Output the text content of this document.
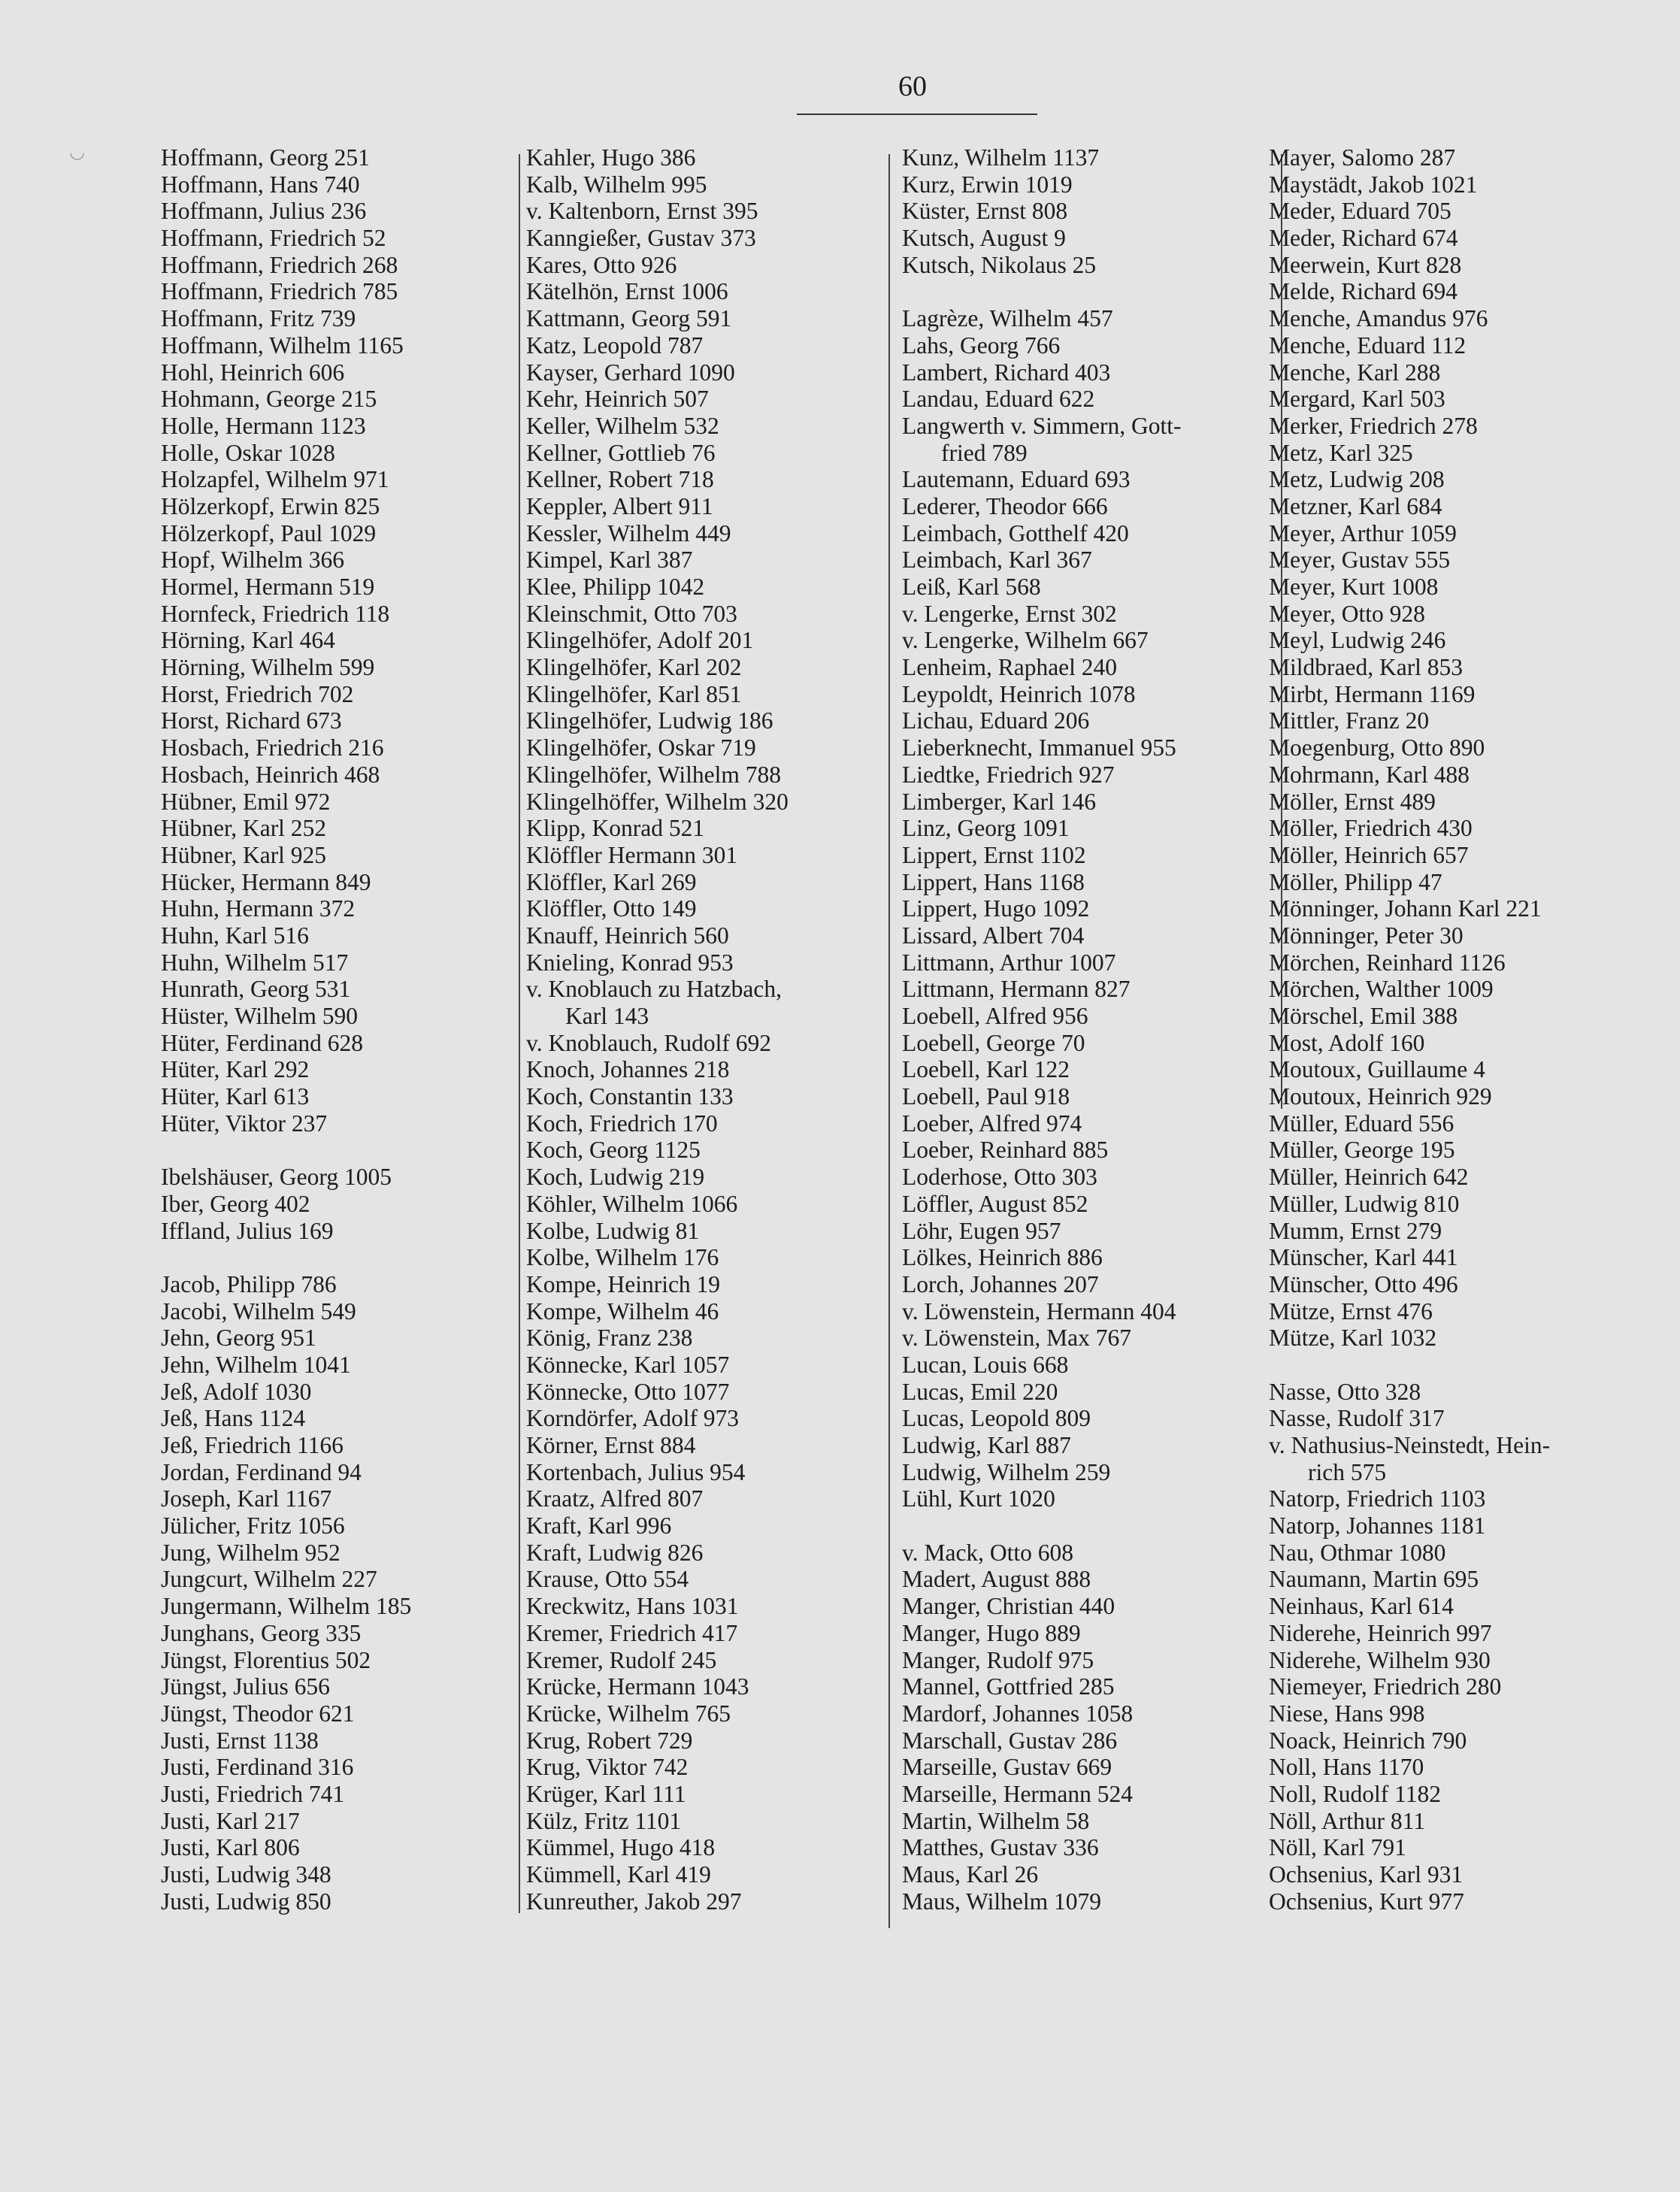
60
Hoffmann, Georg 251
Hoffmann, Hans 740
Hoffmann, Julius 236
Hoffmann, Friedrich 52
Hoffmann, Friedrich 268
Hoffmann, Friedrich 785
Hoffmann, Fritz 739
Hoffmann, Wilhelm 1165
Hohl, Heinrich 606
Hohmann, George 215
Holle, Hermann 1123
Holle, Oskar 1028
Holzapfel, Wilhelm 971
Hölzerkopf, Erwin 825
Hölzerkopf, Paul 1029
Hopf, Wilhelm 366
Hormel, Hermann 519
Hornfeck, Friedrich 118
Hörning, Karl 464
Hörning, Wilhelm 599
Horst, Friedrich 702
Horst, Richard 673
Hosbach, Friedrich 216
Hosbach, Heinrich 468
Hübner, Emil 972
Hübner, Karl 252
Hübner, Karl 925
Hücker, Hermann 849
Huhn, Hermann 372
Huhn, Karl 516
Huhn, Wilhelm 517
Hunrath, Georg 531
Hüster, Wilhelm 590
Hüter, Ferdinand 628
Hüter, Karl 292
Hüter, Karl 613
Hüter, Viktor 237
Ibelshäuser, Georg 1005
Iber, Georg 402
Iffland, Julius 169
Jacob, Philipp 786
Jacobi, Wilhelm 549
Jehn, Georg 951
Jehn, Wilhelm 1041
Jeß, Adolf 1030
Jeß, Hans 1124
Jeß, Friedrich 1166
Jordan, Ferdinand 94
Joseph, Karl 1167
Jülicher, Fritz 1056
Jung, Wilhelm 952
Jungcurt, Wilhelm 227
Jungermann, Wilhelm 185
Junghans, Georg 335
Jüngst, Florentius 502
Jüngst, Julius 656
Jüngst, Theodor 621
Justi, Ernst 1138
Justi, Ferdinand 316
Justi, Friedrich 741
Justi, Karl 217
Justi, Karl 806
Justi, Ludwig 348
Justi, Ludwig 850
Kahler, Hugo 386
Kalb, Wilhelm 995
v. Kaltenborn, Ernst 395
Kanngießer, Gustav 373
Kares, Otto 926
Kätelhön, Ernst 1006
Kattmann, Georg 591
Katz, Leopold 787
Kayser, Gerhard 1090
Kehr, Heinrich 507
Keller, Wilhelm 532
Kellner, Gottlieb 76
Kellner, Robert 718
Keppler, Albert 911
Kessler, Wilhelm 449
Kimpel, Karl 387
Klee, Philipp 1042
Kleinschmit, Otto 703
Klingelhöfer, Adolf 201
Klingelhöfer, Karl 202
Klingelhöfer, Karl 851
Klingelhöfer, Ludwig 186
Klingelhöfer, Oskar 719
Klingelhöfer, Wilhelm 788
Klingelhöffer, Wilhelm 320
Klipp, Konrad 521
Klöffler Hermann 301
Klöffler, Karl 269
Klöffler, Otto 149
Knauff, Heinrich 560
Knieling, Konrad 953
v. Knoblauch zu Hatzbach,
Karl 143
v. Knoblauch, Rudolf 692
Knoch, Johannes 218
Koch, Constantin 133
Koch, Friedrich 170
Koch, Georg 1125
Koch, Ludwig 219
Köhler, Wilhelm 1066
Kolbe, Ludwig 81
Kolbe, Wilhelm 176
Kompe, Heinrich 19
Kompe, Wilhelm 46
König, Franz 238
Könnecke, Karl 1057
Könnecke, Otto 1077
Korndörfer, Adolf 973
Körner, Ernst 884
Kortenbach, Julius 954
Kraatz, Alfred 807
Kraft, Karl 996
Kraft, Ludwig 826
Krause, Otto 554
Kreckwitz, Hans 1031
Kremer, Friedrich 417
Kremer, Rudolf 245
Krücke, Hermann 1043
Krücke, Wilhelm 765
Krug, Robert 729
Krug, Viktor 742
Krüger, Karl 111
Külz, Fritz 1101
Kümmel, Hugo 418
Kümmell, Karl 419
Kunreuther, Jakob 297
Kunz, Wilhelm 1137
Kurz, Erwin 1019
Küster, Ernst 808
Kutsch, August 9
Kutsch, Nikolaus 25
Lagrèze, Wilhelm 457
Lahs, Georg 766
Lambert, Richard 403
Landau, Eduard 622
Langwerth v. Simmern, Gott-
fried 789
Lautemann, Eduard 693
Lederer, Theodor 666
Leimbach, Gotthelf 420
Leimbach, Karl 367
Leiß, Karl 568
v. Lengerke, Ernst 302
v. Lengerke, Wilhelm 667
Lenheim, Raphael 240
Leypoldt, Heinrich 1078
Lichau, Eduard 206
Lieberknecht, Immanuel 955
Liedtke, Friedrich 927
Limberger, Karl 146
Linz, Georg 1091
Lippert, Ernst 1102
Lippert, Hans 1168
Lippert, Hugo 1092
Lissard, Albert 704
Littmann, Arthur 1007
Littmann, Hermann 827
Loebell, Alfred 956
Loebell, George 70
Loebell, Karl 122
Loebell, Paul 918
Loeber, Alfred 974
Loeber, Reinhard 885
Loderhose, Otto 303
Löffler, August 852
Löhr, Eugen 957
Lölkes, Heinrich 886
Lorch, Johannes 207
v. Löwenstein, Hermann 404
v. Löwenstein, Max 767
Lucan, Louis 668
Lucas, Emil 220
Lucas, Leopold 809
Ludwig, Karl 887
Ludwig, Wilhelm 259
Lühl, Kurt 1020
v. Mack, Otto 608
Madert, August 888
Manger, Christian 440
Manger, Hugo 889
Manger, Rudolf 975
Mannel, Gottfried 285
Mardorf, Johannes 1058
Marschall, Gustav 286
Marseille, Gustav 669
Marseille, Hermann 524
Martin, Wilhelm 58
Matthes, Gustav 336
Maus, Karl 26
Maus, Wilhelm 1079
Mayer, Salomo 287
Maystädt, Jakob 1021
Meder, Eduard 705
Meder, Richard 674
Meerwein, Kurt 828
Melde, Richard 694
Menche, Amandus 976
Menche, Eduard 112
Menche, Karl 288
Mergard, Karl 503
Merker, Friedrich 278
Metz, Karl 325
Metz, Ludwig 208
Metzner, Karl 684
Meyer, Arthur 1059
Meyer, Gustav 555
Meyer, Kurt 1008
Meyer, Otto 928
Meyl, Ludwig 246
Mildbraed, Karl 853
Mirbt, Hermann 1169
Mittler, Franz 20
Moegenburg, Otto 890
Mohrmann, Karl 488
Möller, Ernst 489
Möller, Friedrich 430
Möller, Heinrich 657
Möller, Philipp 47
Mönninger, Johann Karl 221
Mönninger, Peter 30
Mörchen, Reinhard 1126
Mörchen, Walther 1009
Mörschel, Emil 388
Most, Adolf 160
Moutoux, Guillaume 4
Moutoux, Heinrich 929
Müller, Eduard 556
Müller, George 195
Müller, Heinrich 642
Müller, Ludwig 810
Mumm, Ernst 279
Münscher, Karl 441
Münscher, Otto 496
Mütze, Ernst 476
Mütze, Karl 1032
Nasse, Otto 328
Nasse, Rudolf 317
v. Nathusius-Neinstedt, Hein-
rich 575
Natorp, Friedrich 1103
Natorp, Johannes 1181
Nau, Othmar 1080
Naumann, Martin 695
Neinhaus, Karl 614
Niderehe, Heinrich 997
Niderehe, Wilhelm 930
Niemeyer, Friedrich 280
Niese, Hans 998
Noack, Heinrich 790
Noll, Hans 1170
Noll, Rudolf 1182
Nöll, Arthur 811
Nöll, Karl 791
Ochsenius, Karl 931
Ochsenius, Kurt 977
◡
